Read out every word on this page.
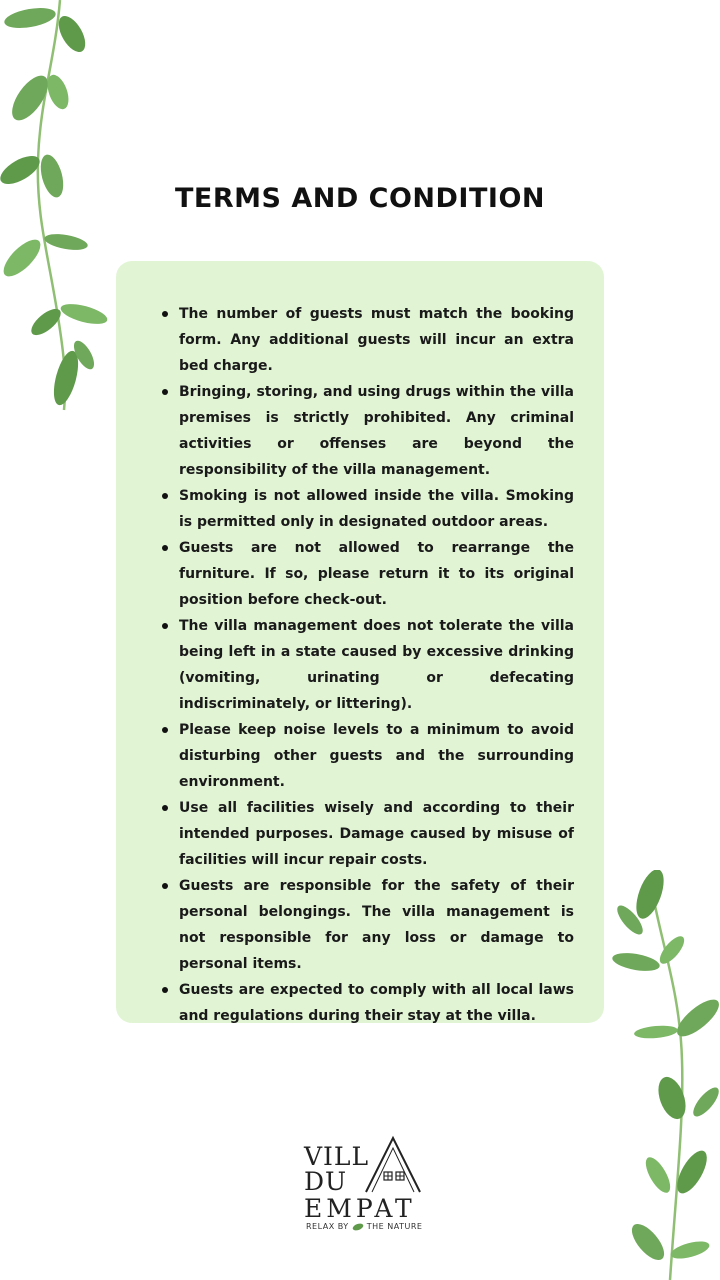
TERMS AND CONDITION
The number of guests must match the booking form. Any additional guests will incur an extra bed charge.
Bringing, storing, and using drugs within the villa premises is strictly prohibited. Any criminal activities or offenses are beyond the responsibility of the villa management.
Smoking is not allowed inside the villa. Smoking is permitted only in designated outdoor areas.
Guests are not allowed to rearrange the furniture. If so, please return it to its original position before check-out.
The villa management does not tolerate the villa being left in a state caused by excessive drinking (vomiting, urinating or defecating indiscriminately, or littering).
Please keep noise levels to a minimum to avoid disturbing other guests and the surrounding environment.
Use all facilities wisely and according to their intended purposes. Damage caused by misuse of facilities will incur repair costs.
Guests are responsible for the safety of their personal belongings. The villa management is not responsible for any loss or damage to personal items.
Guests are expected to comply with all local laws and regulations during their stay at the villa.
VILL
DU
EMPAT
RELAX BY THE NATURE
